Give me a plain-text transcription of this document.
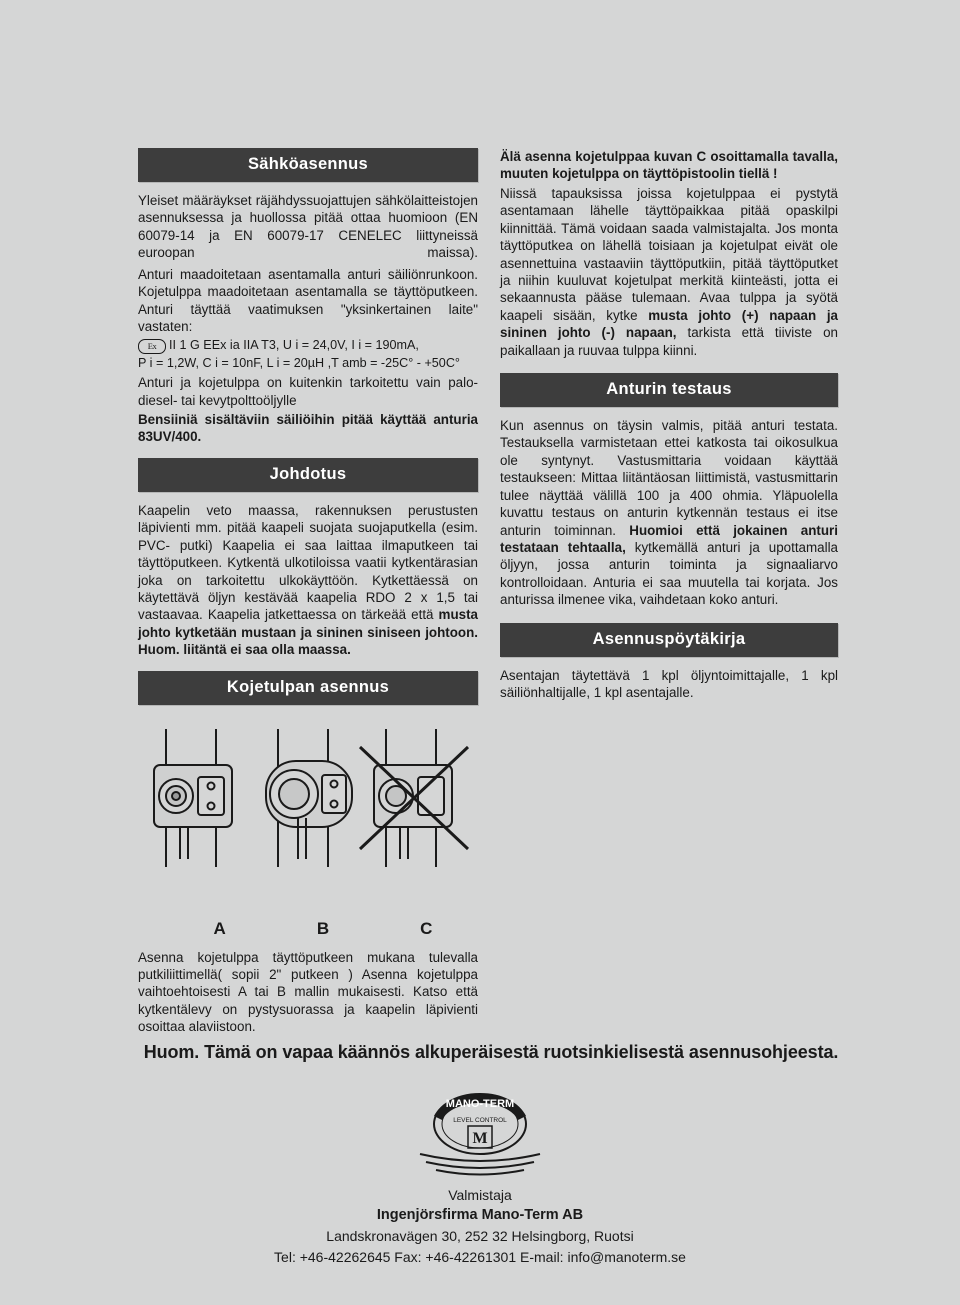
Sähköasennus

Yleiset määräykset räjähdyssuojattujen sähkölaitteistojen asennuksessa ja huollossa pitää ottaa huomioon (EN 60079-14 ja EN 60079-17 CENELEC liittyneissä euroopan maissa).

Anturi maadoitetaan asentamalla anturi säiliönrunkoon. Kojetulppa maadoitetaan asentamalla se täyttöputkeen. Anturi täyttää vaatimuksen "yksinkertainen laite" vastaten:

Ex II 1 G EEx ia IIA T3, U i = 24,0V, I i = 190mA,
P i = 1,2W, C i = 10nF, L i = 20µH ,T amb = -25C° - +50C°

Anturi ja kojetulppa on kuitenkin tarkoitettu vain palo- diesel- tai kevytpolttoöljylle

Bensiiniä sisältäviin säiliöihin pitää käyttää anturia 83UV/400.

Johdotus

Kaapelin veto maassa, rakennuksen perustusten läpivienti mm. pitää kaapeli suojata suojaputkella (esim. PVC- putki) Kaapelia ei saa laittaa ilmaputkeen tai täyttöputkeen. Kytkentä ulkotiloissa vaatii kytkentärasian joka on tarkoitettu ulkokäyttöön. Kytkettäessä on käytettävä öljyn kestävää kaapelia RDO 2 x 1,5 tai vastaavaa. Kaapelia jatkettaessa on tärkeää että musta johto kytketään mustaan ja sininen siniseen johtoon. Huom. liitäntä ei saa olla maassa.

Kojetulpan asennus
A	B	C

Asenna kojetulppa täyttöputkeen mukana tulevalla putkiliittimellä( sopii 2" putkeen ) Asenna kojetulppa vaihtoehtoisesti A tai B mallin mukaisesti. Katso että kytkentälevy on pystysuorassa ja kaapelin läpivienti osoittaa alaviistoon.

Älä asenna kojetulppaa kuvan C osoittamalla tavalla, muuten kojetulppa on täyttöpistoolin tiellä !

Niissä tapauksissa joissa kojetulppaa ei pystytä asentamaan lähelle täyttöpaikkaa pitää opaskilpi kiinnittää. Tämä voidaan saada valmistajalta. Jos monta täyttöputkea on lähellä toisiaan ja kojetulpat eivät ole asennettuina vastaaviin täyttöputkiin, pitää täyttöputket ja niihin kuuluvat kojetulpat merkitä kiinteästi, jotta ei sekaannusta pääse tulemaan. Avaa tulppa ja syötä kaapeli sisään, kytke musta johto (+) napaan ja sininen johto (-) napaan, tarkista että tiiviste on paikallaan ja ruuvaa tulppa kiinni.

Anturin testaus

Kun asennus on täysin valmis, pitää anturi testata. Testauksella varmistetaan ettei katkosta tai oikosulkua ole syntynyt. Vastusmittaria voidaan käyttää testaukseen: Mittaa liitäntäosan liittimistä, vastusmittarin tulee näyttää välillä 100 ja 400 ohmia. Yläpuolella kuvattu testaus on anturin kytkennän testaus ei itse anturin toiminnan. Huomioi että jokainen anturi testataan tehtaalla, kytkemällä anturi ja upottamalla öljyyn, jossa anturin toiminta ja signaaliarvo kontrolloidaan. Anturia ei saa muutella tai korjata. Jos anturissa ilmenee vika, vaihdetaan koko anturi.

Asennuspöytäkirja

Asentajan täytettävä 1 kpl öljyntoimittajalle, 1 kpl säiliönhaltijalle, 1 kpl asentajalle.

Huom. Tämä on vapaa käännös alkuperäisestä ruotsinkielisestä asennusohjeesta.
MANO-TERM
LEVEL CONTROL
M
Valmistaja
Ingenjörsfirma Mano-Term AB
Landskronavägen 30, 252 32 Helsingborg, Ruotsi
Tel: +46-42262645 Fax: +46-42261301 E-mail: info@manoterm.se
